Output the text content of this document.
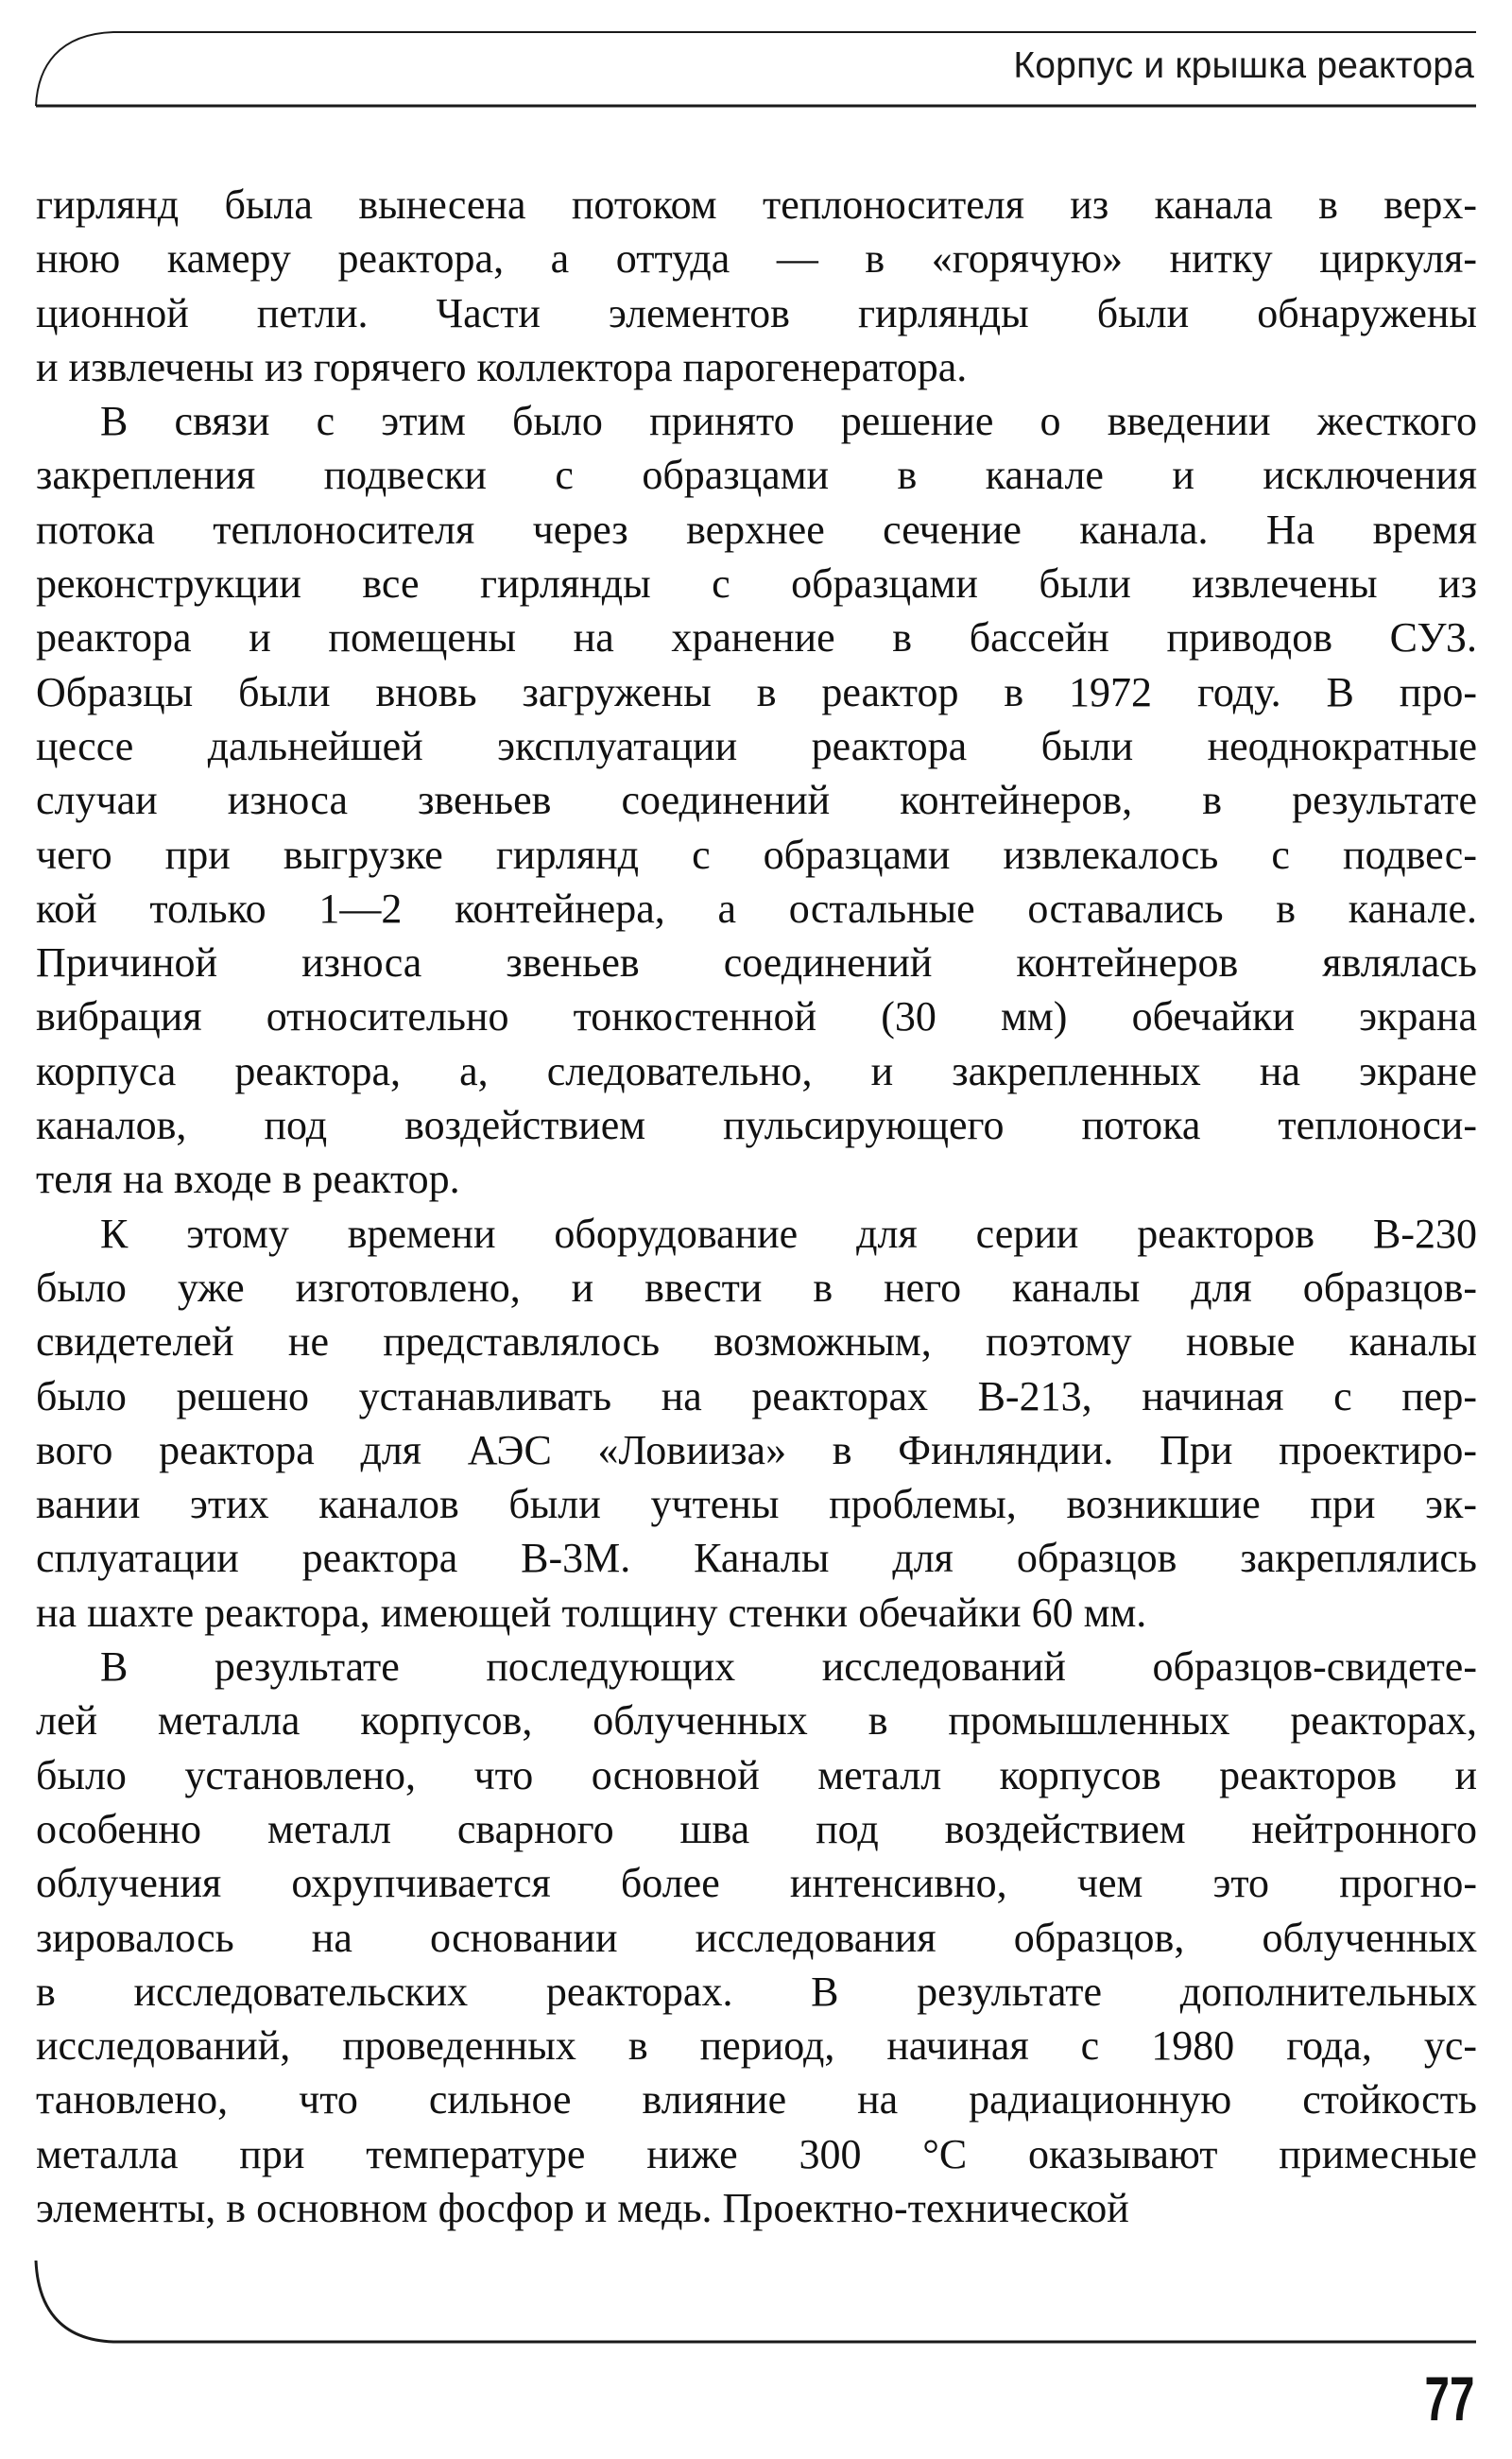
Корпус и крышка реактора
гирлянд была вынесена потоком теплоносителя из канала в верх-
нюю камеру реактора, а оттуда — в «горячую» нитку циркуля-
ционной петли. Части элементов гирлянды были обнаружены
и извлечены из горячего коллектора парогенератора.
В связи с этим было принято решение о введении жесткого
закрепления подвески с образцами в канале и исключения
потока теплоносителя через верхнее сечение канала. На время
реконструкции все гирлянды с образцами были извлечены из
реактора и помещены на хранение в бассейн приводов СУЗ.
Образцы были вновь загружены в реактор в 1972 году. В про-
цессе дальнейшей эксплуатации реактора были неоднократные
случаи износа звеньев соединений контейнеров, в результате
чего при выгрузке гирлянд с образцами извлекалось с подвес-
кой только 1—2 контейнера, а остальные оставались в канале.
Причиной износа звеньев соединений контейнеров являлась
вибрация относительно тонкостенной (30 мм) обечайки экрана
корпуса реактора, а, следовательно, и закрепленных на экране
каналов, под воздействием пульсирующего потока теплоноси-
теля на входе в реактор.
К этому времени оборудование для серии реакторов В-230
было уже изготовлено, и ввести в него каналы для образцов-
свидетелей не представлялось возможным, поэтому новые каналы
было решено устанавливать на реакторах В-213, начиная с пер-
вого реактора для АЭС «Ловииза» в Финляндии. При проектиро-
вании этих каналов были учтены проблемы, возникшие при эк-
сплуатации реактора В-3М. Каналы для образцов закреплялись
на шахте реактора, имеющей толщину стенки обечайки 60 мм.
В результате последующих исследований образцов-свидете-
лей металла корпусов, облученных в промышленных реакторах,
было установлено, что основной металл корпусов реакторов и
особенно металл сварного шва под воздействием нейтронного
облучения охрупчивается более интенсивно, чем это прогно-
зировалось на основании исследования образцов, облученных
в исследовательских реакторах. В результате дополнительных
исследований, проведенных в период, начиная с 1980 года, ус-
тановлено, что сильное влияние на радиационную стойкость
металла при температуре ниже 300 °С оказывают примесные
элементы, в основном фосфор и медь. Проектно-технической
77
